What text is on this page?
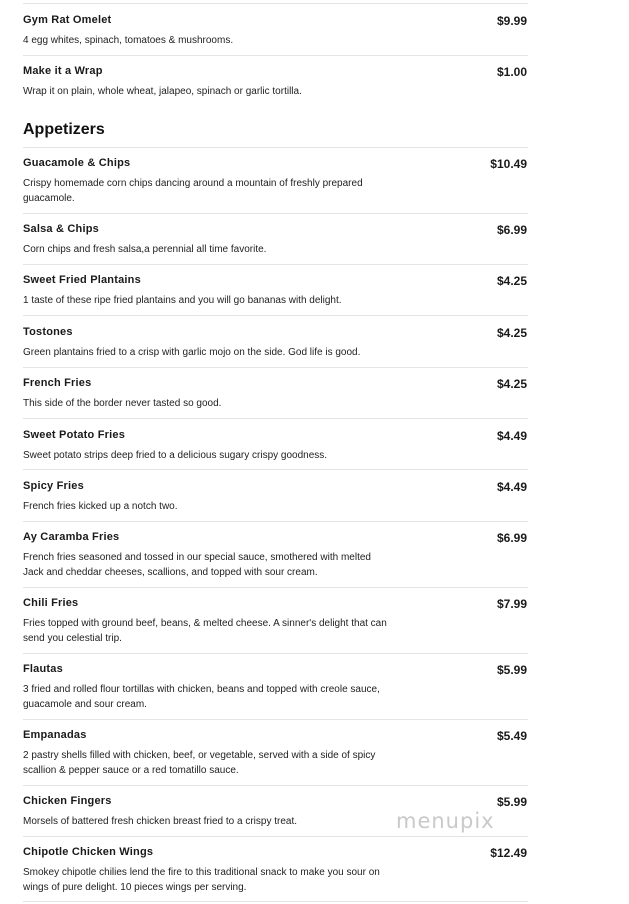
Gym Rat Omelet	$9.99
4 egg whites, spinach, tomatoes & mushrooms.
Make it a Wrap	$1.00
Wrap it on plain, whole wheat, jalapeo, spinach or garlic tortilla.
Appetizers
Guacamole & Chips	$10.49
Crispy homemade corn chips dancing around a mountain of freshly prepared
guacamole.
Salsa & Chips	$6.99
Corn chips and fresh salsa,a perennial all time favorite.
Sweet Fried Plantains	$4.25
1 taste of these ripe fried plantains and you will go bananas with delight.
Tostones	$4.25
Green plantains fried to a crisp with garlic mojo on the side. God life is good.
French Fries	$4.25
This side of the border never tasted so good.
Sweet Potato Fries	$4.49
Sweet potato strips deep fried to a delicious sugary crispy goodness.
Spicy Fries	$4.49
French fries kicked up a notch two.
Ay Caramba Fries	$6.99
French fries seasoned and tossed in our special sauce, smothered with melted
Jack and cheddar cheeses, scallions, and topped with sour cream.
Chili Fries	$7.99
Fries topped with ground beef, beans, & melted cheese. A sinner's delight that can
send you celestial trip.
Flautas	$5.99
3 fried and rolled flour tortillas with chicken, beans and topped with creole sauce,
guacamole and sour cream.
Empanadas	$5.49
2 pastry shells filled with chicken, beef, or vegetable, served with a side of spicy
scallion & pepper sauce or a red tomatillo sauce.
Chicken Fingers	$5.99
Morsels of battered fresh chicken breast fried to a crispy treat.
Chipotle Chicken Wings	$12.49
Smokey chipotle chilies lend the fire to this traditional snack to make you sour on
wings of pure delight. 10 pieces wings per serving.
menupix
